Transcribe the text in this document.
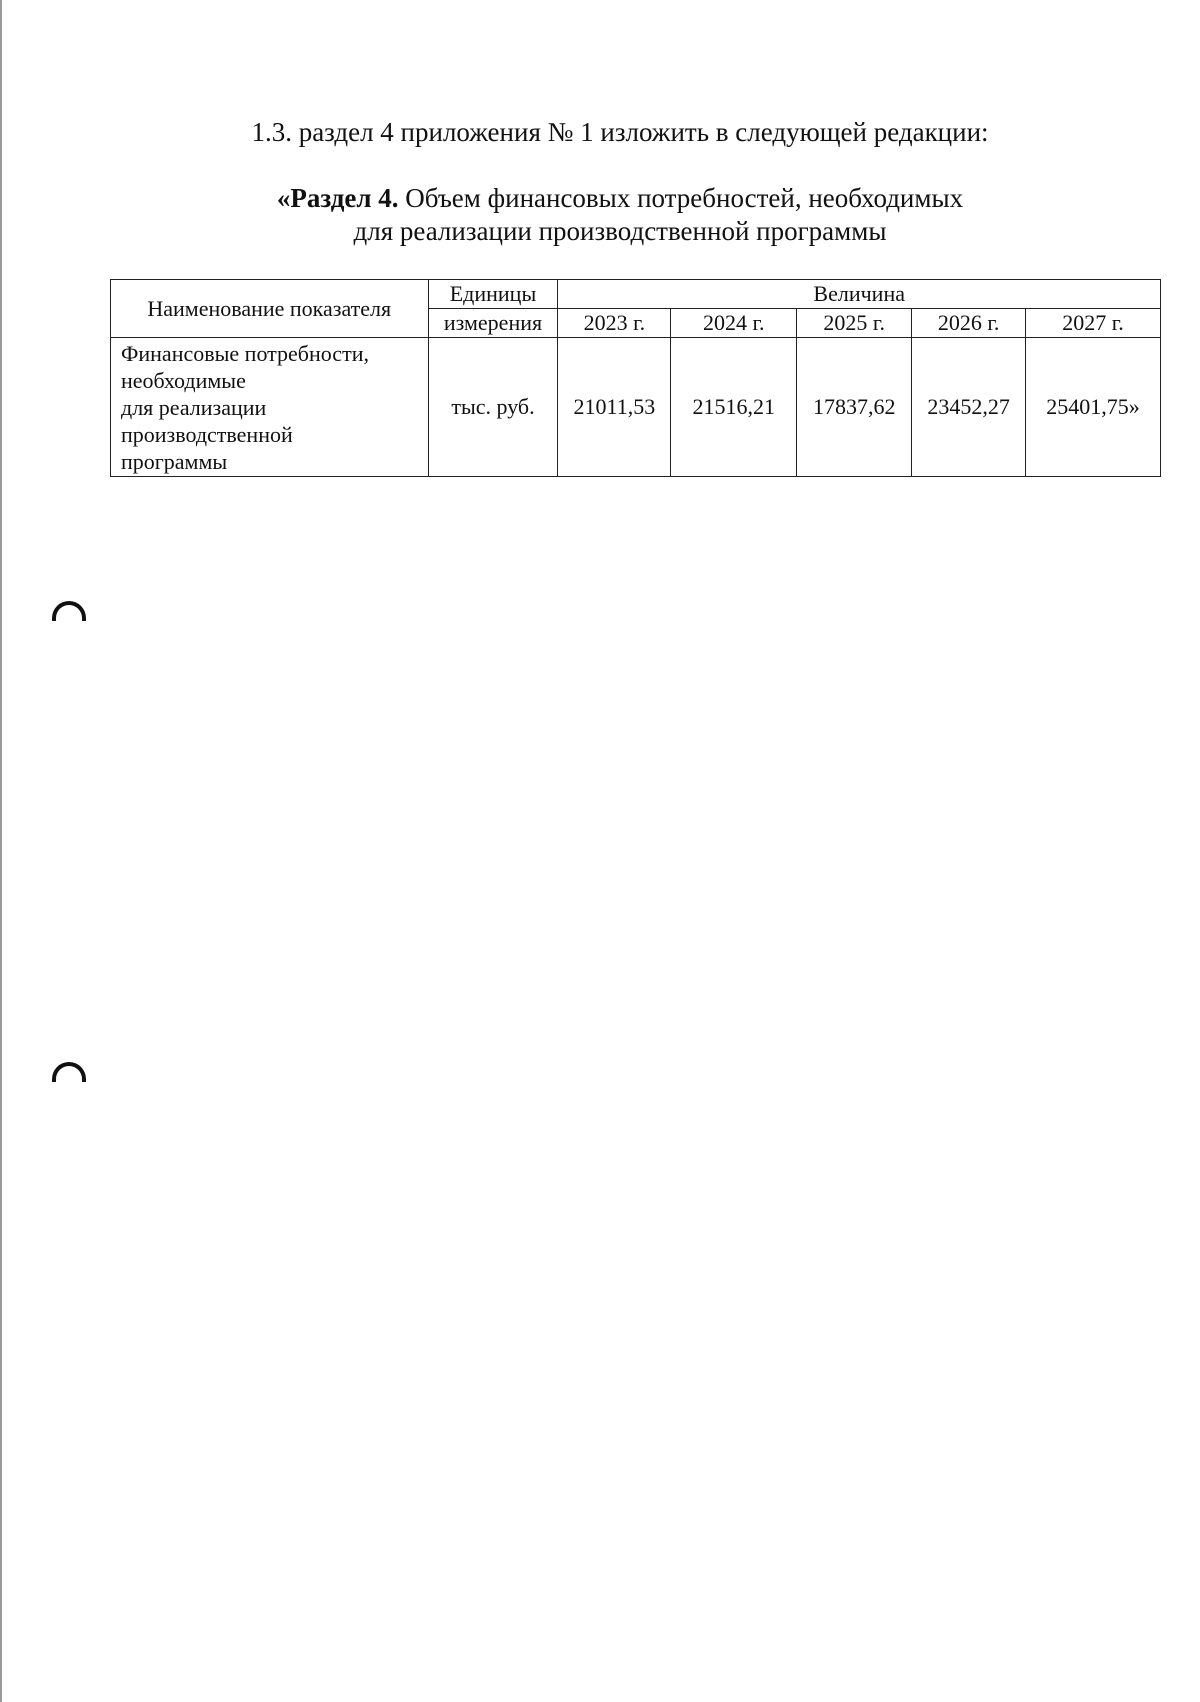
1.3. раздел 4 приложения № 1 изложить в следующей редакции:
«Раздел 4. Объем финансовых потребностей, необходимых
для реализации производственной программы
Наименование показателя	Единицы	Величина				
	измерения	2023 г.	2024 г.	2025 г.	2026 г.	2027 г.
Финансовые потребности,
необходимые
для реализации
производственной
программы	тыс. руб.	21011,53	21516,21	17837,62	23452,27	25401,75»
